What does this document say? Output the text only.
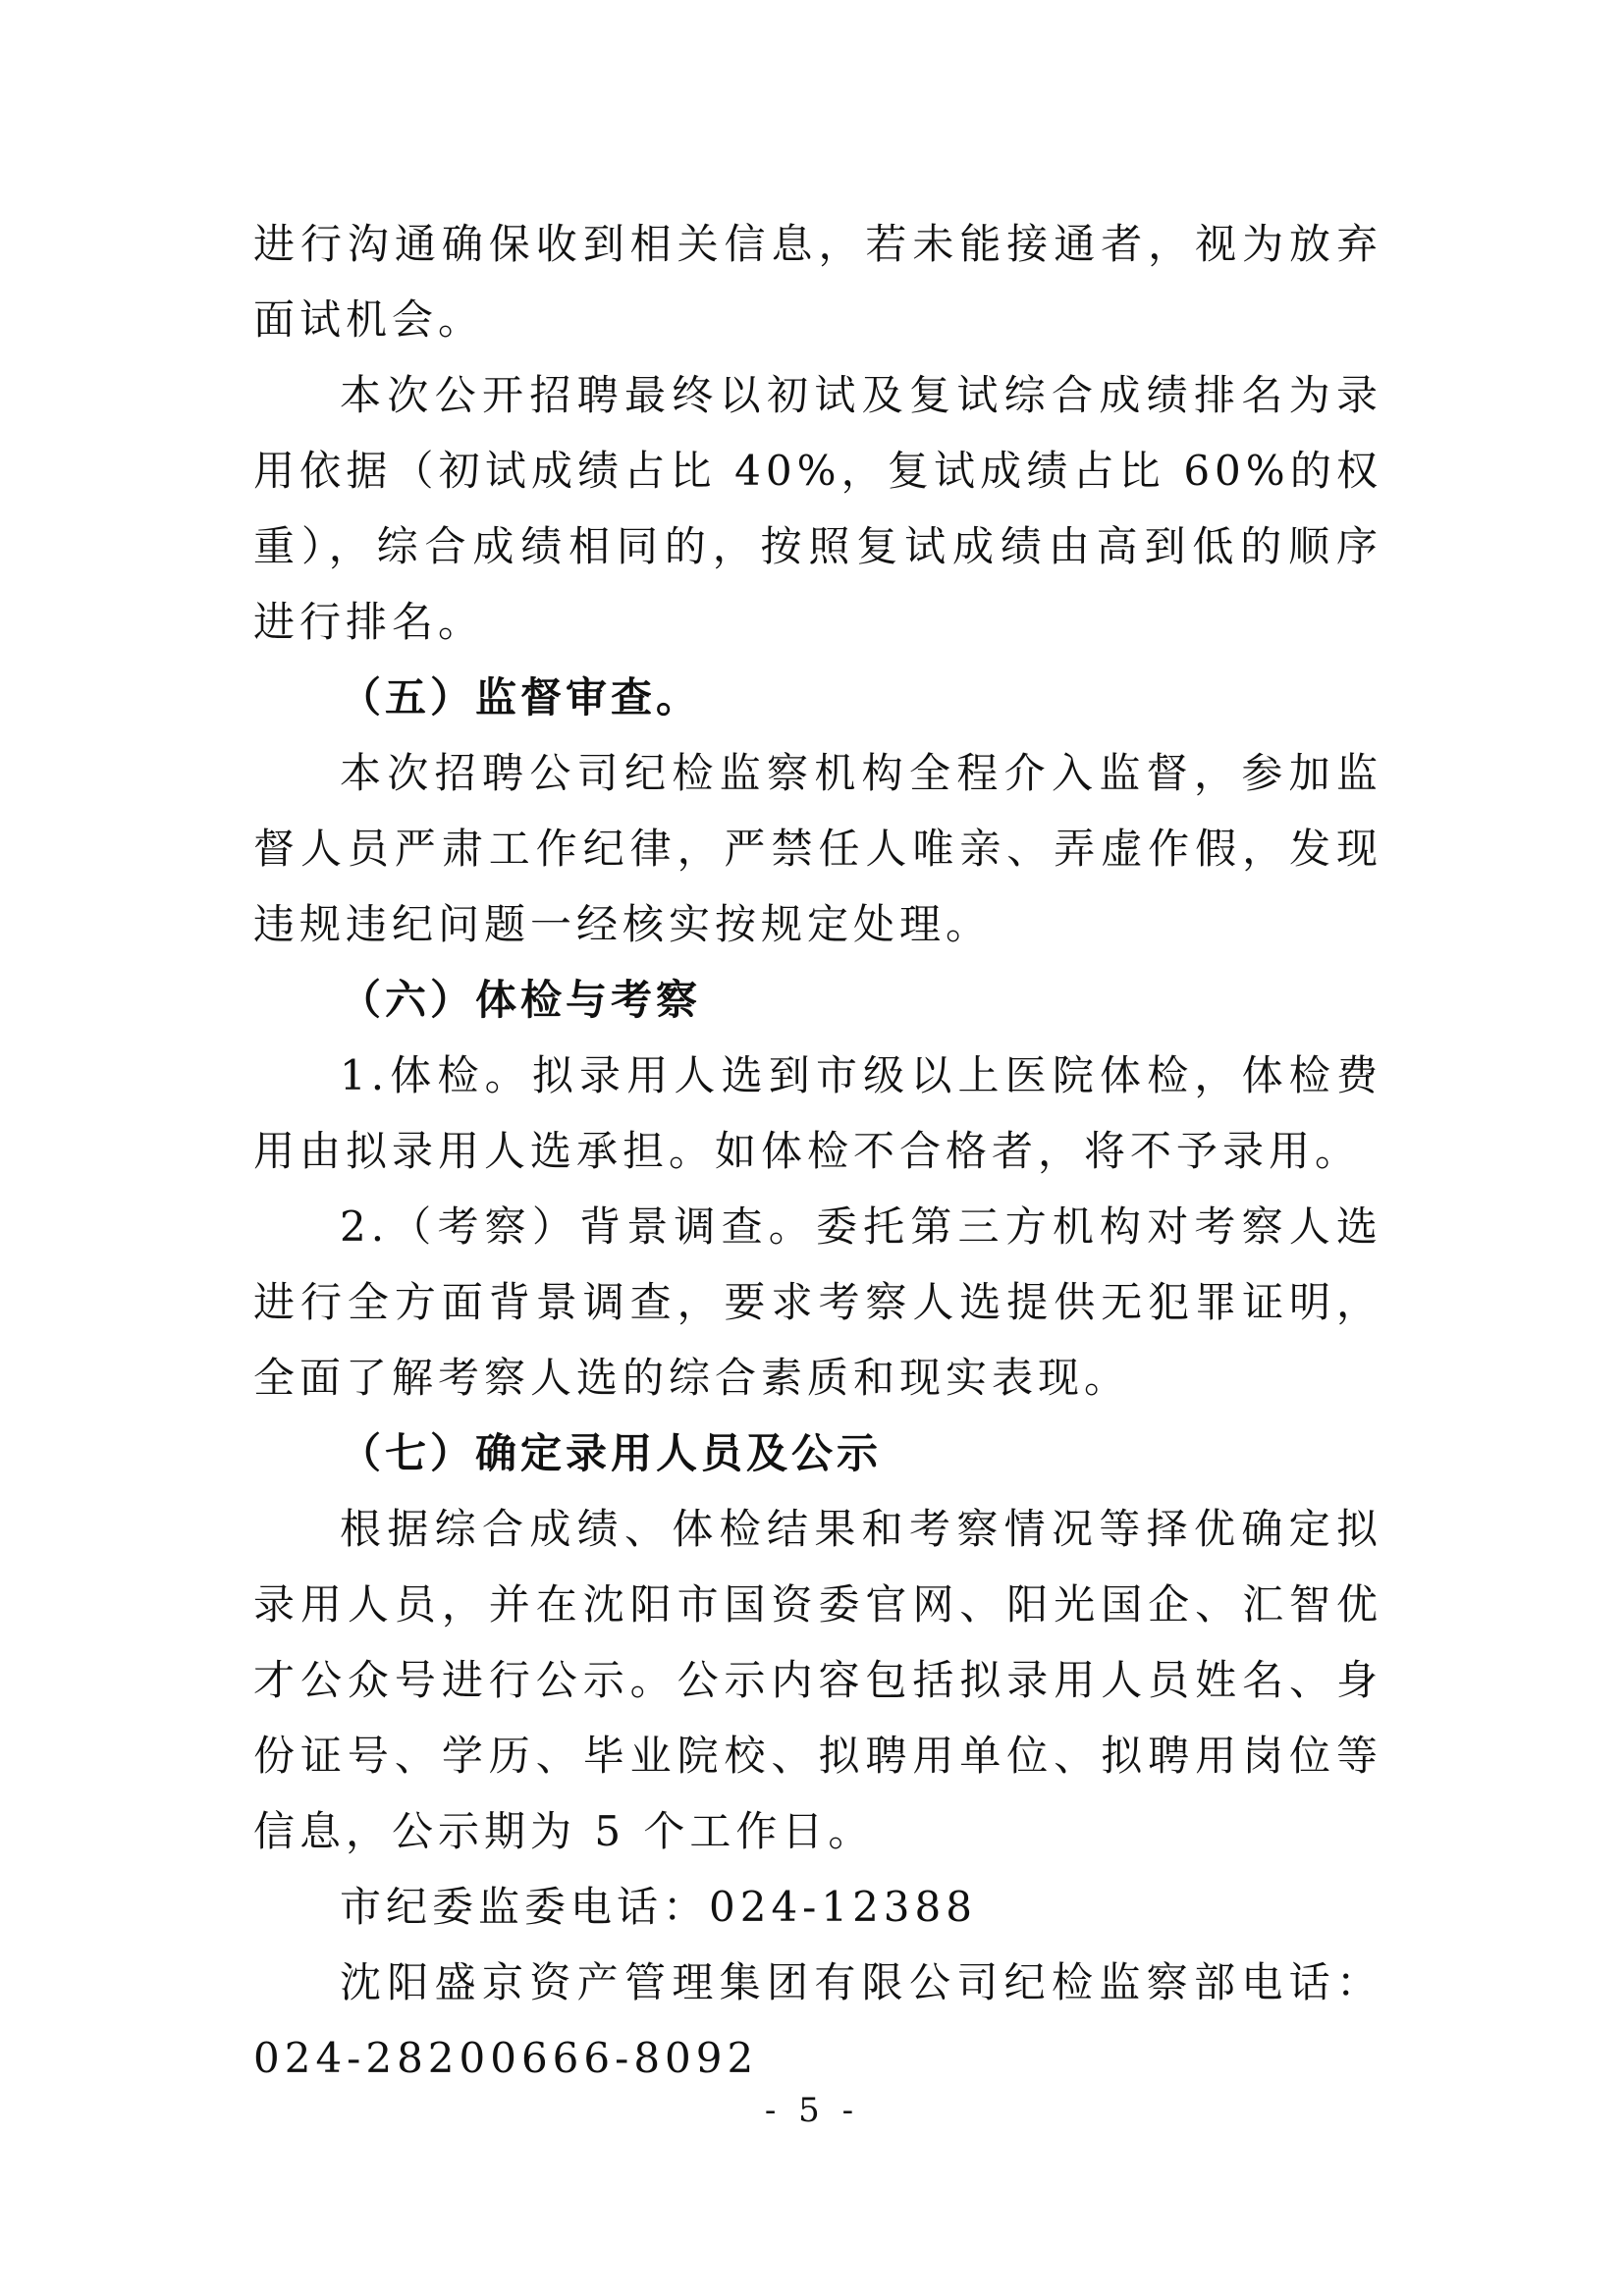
进行沟通确保收到相关信息，若未能接通者，视为放弃面试机会。

本次公开招聘最终以初试及复试综合成绩排名为录用依据（初试成绩占比 40%，复试成绩占比 60%的权重），综合成绩相同的，按照复试成绩由高到低的顺序进行排名。

（五）监督审查。

本次招聘公司纪检监察机构全程介入监督，参加监督人员严肃工作纪律，严禁任人唯亲、弄虚作假，发现违规违纪问题一经核实按规定处理。

（六）体检与考察

1.体检。拟录用人选到市级以上医院体检，体检费用由拟录用人选承担。如体检不合格者，将不予录用。

2.（考察）背景调查。委托第三方机构对考察人选进行全方面背景调查，要求考察人选提供无犯罪证明，全面了解考察人选的综合素质和现实表现。

（七）确定录用人员及公示

根据综合成绩、体检结果和考察情况等择优确定拟录用人员，并在沈阳市国资委官网、阳光国企、汇智优才公众号进行公示。公示内容包括拟录用人员姓名、身份证号、学历、毕业院校、拟聘用单位、拟聘用岗位等信息，公示期为 5 个工作日。

市纪委监委电话：024-12388

沈阳盛京资产管理集团有限公司纪检监察部电话：024-28200666-8092

- 5 -
